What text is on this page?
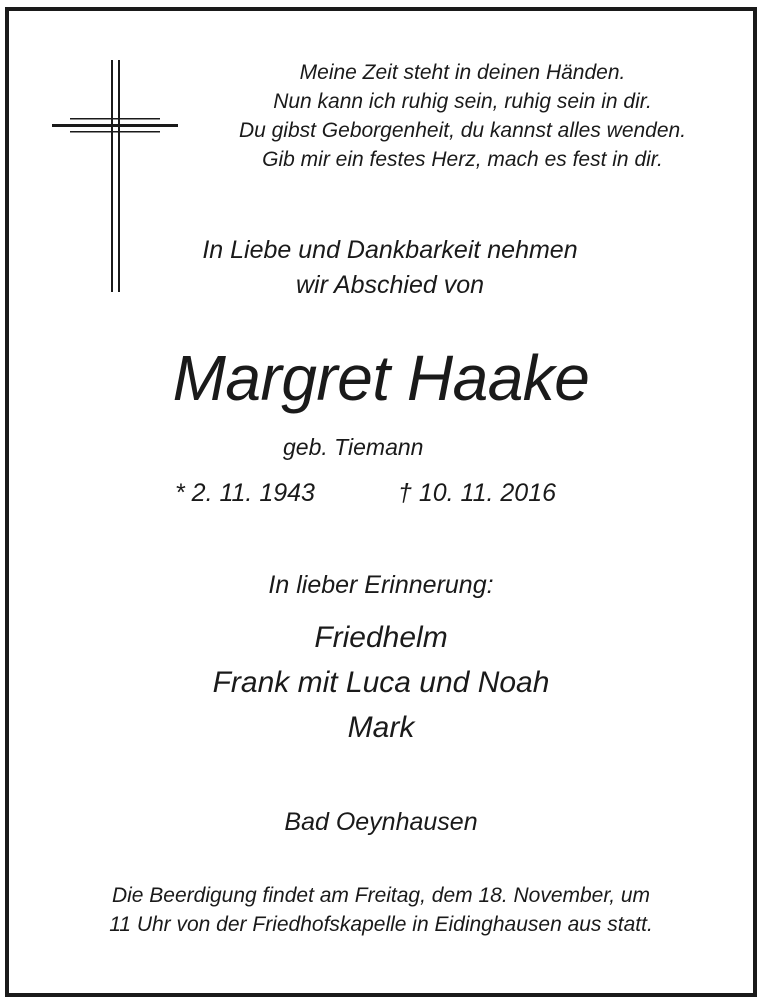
Meine Zeit steht in deinen Händen.
Nun kann ich ruhig sein, ruhig sein in dir.
Du gibst Geborgenheit, du kannst alles wenden.
Gib mir ein festes Herz, mach es fest in dir.
In Liebe und Dankbarkeit nehmen
wir Abschied von
Margret Haake
geb. Tiemann
* 2. 11. 1943	† 10. 11. 2016
In lieber Erinnerung:
Friedhelm
Frank mit Luca und Noah
Mark
Bad Oeynhausen
Die Beerdigung findet am Freitag, dem 18. November, um
11 Uhr von der Friedhofskapelle in Eidinghausen aus statt.
